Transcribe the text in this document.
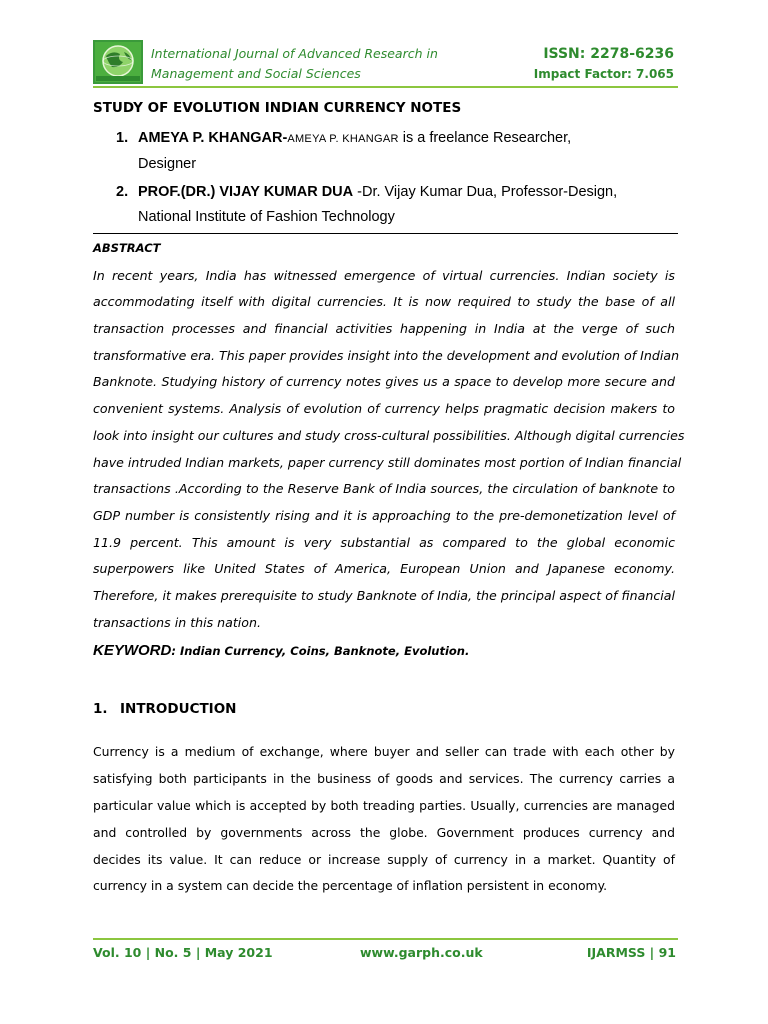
International Journal of Advanced Research in
Management and Social Sciences
ISSN: 2278-6236
Impact Factor: 7.065
STUDY OF EVOLUTION INDIAN CURRENCY NOTES
1. AMEYA P. KHANGAR-AMEYA P. KHANGAR is a freelance Researcher,
Designer
2. PROF.(DR.) VIJAY KUMAR DUA -Dr. Vijay Kumar Dua, Professor-Design,
National Institute of Fashion Technology
ABSTRACT
In recent years, India has witnessed emergence of virtual currencies. Indian society is
accommodating itself with digital currencies. It is now required to study the base of all
transaction processes and financial activities happening in India at the verge of such
transformative era. This paper provides insight into the development and evolution of Indian
Banknote. Studying history of currency notes gives us a space to develop more secure and
convenient systems. Analysis of evolution of currency helps pragmatic decision makers to
look into insight our cultures and study cross-cultural possibilities. Although digital currencies
have intruded Indian markets, paper currency still dominates most portion of Indian financial
transactions .According to the Reserve Bank of India sources, the circulation of banknote to
GDP number is consistently rising and it is approaching to the pre-demonetization level of
11.9 percent. This amount is very substantial as compared to the global economic
superpowers like United States of America, European Union and Japanese economy.
Therefore, it makes prerequisite to study Banknote of India, the principal aspect of financial
transactions in this nation.
KEYWORD: Indian Currency, Coins, Banknote, Evolution.
1. INTRODUCTION
Currency is a medium of exchange, where buyer and seller can trade with each other by
satisfying both participants in the business of goods and services. The currency carries a
particular value which is accepted by both treading parties. Usually, currencies are managed
and controlled by governments across the globe. Government produces currency and
decides its value. It can reduce or increase supply of currency in a market. Quantity of
currency in a system can decide the percentage of inflation persistent in economy.
Vol. 10 | No. 5 | May 2021	www.garph.co.uk	IJARMSS | 91
